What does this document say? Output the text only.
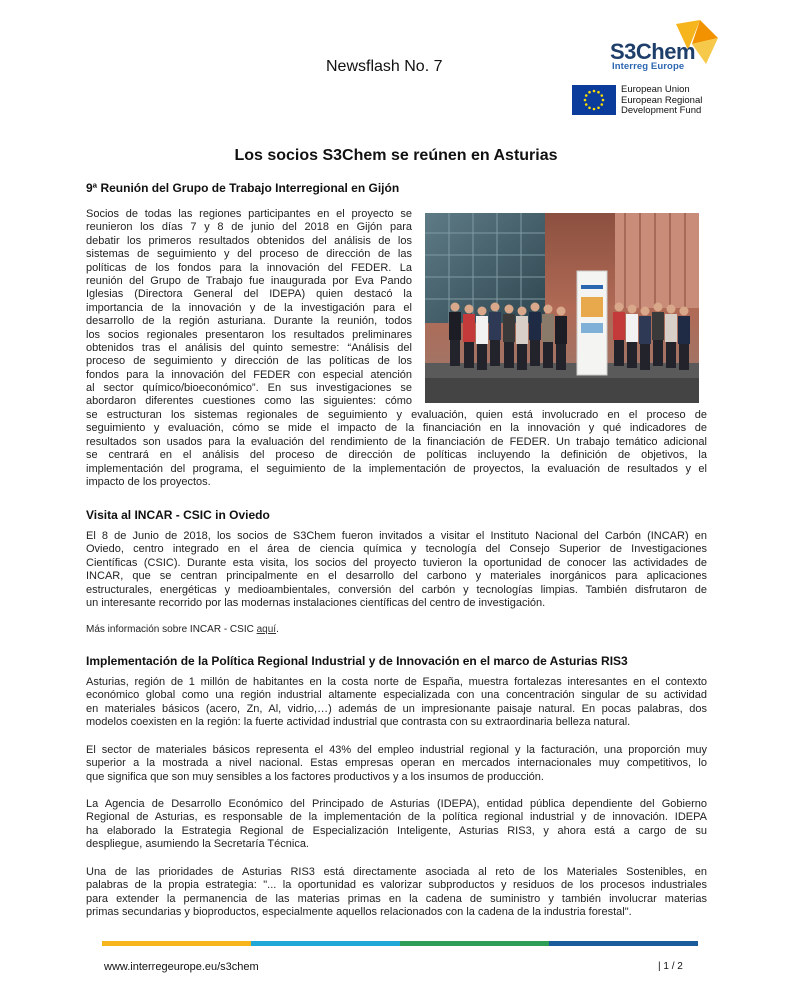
Newsflash No. 7
S3Chem
Interreg Europe
European Union
European Regional
Development Fund
Los socios S3Chem se reúnen en Asturias
9ª Reunión del Grupo de Trabajo Interregional en Gijón
Socios de todas las regiones participantes en el proyecto se
reunieron los días 7 y 8 de junio del 2018 en Gijón para
debatir los primeros resultados obtenidos del análisis de los
sistemas de seguimiento y del proceso de dirección de las
políticas de los fondos para la innovación del FEDER. La
reunión del Grupo de Trabajo fue inaugurada por Eva Pando
Iglesias (Directora General del IDEPA) quien destacó la
importancia de la innovación y de la investigación para el
desarrollo de la región asturiana. Durante la reunión, todos
los socios regionales presentaron los resultados preliminares
obtenidos tras el análisis del quinto semestre: “Análisis del
proceso de seguimiento y dirección de las políticas de los
fondos para la innovación del FEDER con especial atención
al sector químico/bioeconómico”. En sus investigaciones se
abordaron diferentes cuestiones como las siguientes: cómo
se estructuran los sistemas regionales de seguimiento y evaluación, quien está involucrado en el proceso de
seguimiento y evaluación, cómo se mide el impacto de la financiación en la innovación y qué indicadores de
resultados son usados para la evaluación del rendimiento de la financiación de FEDER. Un trabajo temático adicional
se centrará en el análisis del proceso de dirección de políticas incluyendo la definición de objetivos, la
implementación del programa, el seguimiento de la implementación de proyectos, la evaluación de resultados y el
impacto de los proyectos.
Visita al INCAR - CSIC in Oviedo
El 8 de Junio de 2018, los socios de S3Chem fueron invitados a visitar el Instituto Nacional del Carbón (INCAR) en
Oviedo, centro integrado en el área de ciencia química y tecnología del Consejo Superior de Investigaciones
Científicas (CSIC). Durante esta visita, los socios del proyecto tuvieron la oportunidad de conocer las actividades de
INCAR, que se centran principalmente en el desarrollo del carbono y materiales inorgánicos para aplicaciones
estructurales, energéticas y medioambientales, conversión del carbón y tecnologías limpias. También disfrutaron de
un interesante recorrido por las modernas instalaciones científicas del centro de investigación.
Más información sobre INCAR - CSIC aquí.
Implementación de la Política Regional Industrial y de Innovación en el marco de Asturias RIS3
Asturias, región de 1 millón de habitantes en la costa norte de España, muestra fortalezas interesantes en el contexto
económico global como una región industrial altamente especializada con una concentración singular de su actividad
en materiales básicos (acero, Zn, Al, vidrio,…) además de un impresionante paisaje natural. En pocas palabras, dos
modelos coexisten en la región: la fuerte actividad industrial que contrasta con su extraordinaria belleza natural.
El sector de materiales básicos representa el 43% del empleo industrial regional y la facturación, una proporción muy
superior a la mostrada a nivel nacional. Estas empresas operan en mercados internacionales muy competitivos, lo
que significa que son muy sensibles a los factores productivos y a los insumos de producción.
La Agencia de Desarrollo Económico del Principado de Asturias (IDEPA), entidad pública dependiente del Gobierno
Regional de Asturias, es responsable de la implementación de la política regional industrial y de innovación. IDEPA
ha elaborado la Estrategia Regional de Especialización Inteligente, Asturias RIS3, y ahora está a cargo de su
despliegue, asumiendo la Secretaría Técnica.
Una de las prioridades de Asturias RIS3 está directamente asociada al reto de los Materiales Sostenibles, en
palabras de la propia estrategia: "... la oportunidad es valorizar subproductos y residuos de los procesos industriales
para extender la permanencia de las materias primas en la cadena de suministro y también involucrar materias
primas secundarias y bioproductos, especialmente aquellos relacionados con la cadena de la industria forestal".
www.interregeurope.eu/s3chem	| 1 / 2
